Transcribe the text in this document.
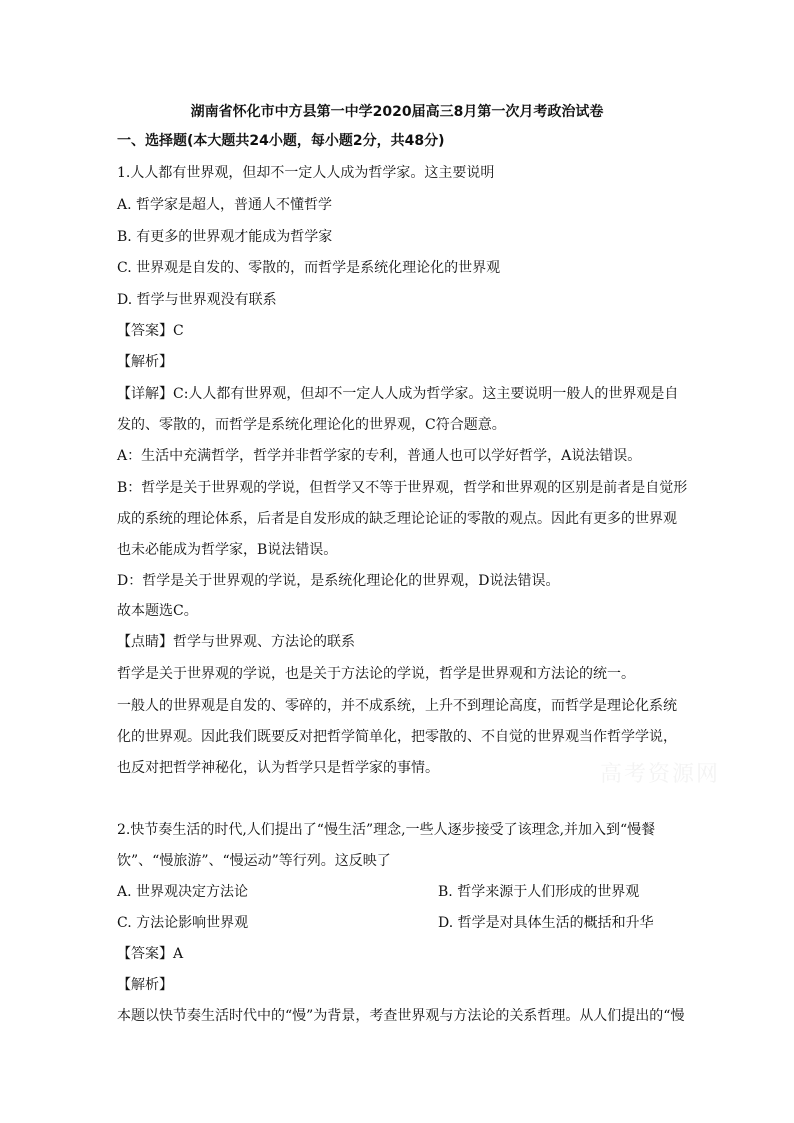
湖南省怀化市中方县第一中学2020届高三8月第一次月考政治试卷
一、选择题(本大题共24小题，每小题2分，共48分)
1.人人都有世界观，但却不一定人人成为哲学家。这主要说明
A. 哲学家是超人，普通人不懂哲学
B. 有更多的世界观才能成为哲学家
C. 世界观是自发的、零散的，而哲学是系统化理论化的世界观
D. 哲学与世界观没有联系
【答案】C
【解析】
【详解】C:人人都有世界观，但却不一定人人成为哲学家。这主要说明一般人的世界观是自
发的、零散的，而哲学是系统化理论化的世界观，C符合题意。
A：生活中充满哲学，哲学并非哲学家的专利，普通人也可以学好哲学，A说法错误。
B：哲学是关于世界观的学说，但哲学又不等于世界观，哲学和世界观的区别是前者是自觉形
成的系统的理论体系，后者是自发形成的缺乏理论论证的零散的观点。因此有更多的世界观
也未必能成为哲学家，B说法错误。
D：哲学是关于世界观的学说，是系统化理论化的世界观，D说法错误。
故本题选C。
【点睛】哲学与世界观、方法论的联系
哲学是关于世界观的学说，也是关于方法论的学说，哲学是世界观和方法论的统一。
一般人的世界观是自发的、零碎的，并不成系统，上升不到理论高度，而哲学是理论化系统
化的世界观。因此我们既要反对把哲学简单化，把零散的、不自觉的世界观当作哲学学说，
也反对把哲学神秘化，认为哲学只是哲学家的事情。	高考资源网
2.快节奏生活的时代,人们提出了“慢生活”理念,一些人逐步接受了该理念,并加入到“慢餐
饮”、“慢旅游”、“慢运动”等行列。这反映了
A. 世界观决定方法论	B. 哲学来源于人们形成的世界观
C. 方法论影响世界观	D. 哲学是对具体生活的概括和升华
【答案】A
【解析】
本题以快节奏生活时代中的“慢”为背景，考查世界观与方法论的关系哲理。从人们提出的“慢
